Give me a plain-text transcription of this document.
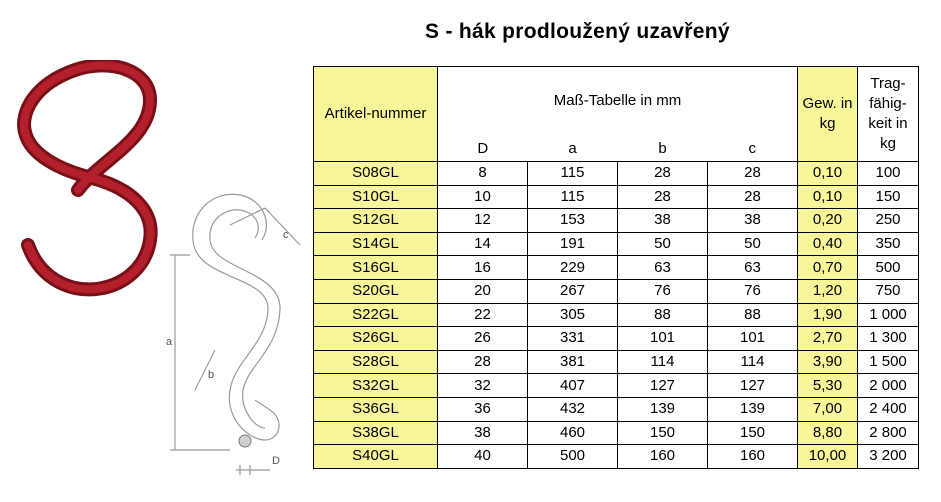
S - hák prodloužený uzavřený
a
b
c
D
Artikel-nummer	Maß-Tabelle in mm				Gew. in kg	Trag-fähig-keit in kg
	D	a	b	c		
S08GL	8	115	28	28	0,10	100
S10GL	10	115	28	28	0,10	150
S12GL	12	153	38	38	0,20	250
S14GL	14	191	50	50	0,40	350
S16GL	16	229	63	63	0,70	500
S20GL	20	267	76	76	1,20	750
S22GL	22	305	88	88	1,90	1 000
S26GL	26	331	101	101	2,70	1 300
S28GL	28	381	114	114	3,90	1 500
S32GL	32	407	127	127	5,30	2 000
S36GL	36	432	139	139	7,00	2 400
S38GL	38	460	150	150	8,80	2 800
S40GL	40	500	160	160	10,00	3 200
